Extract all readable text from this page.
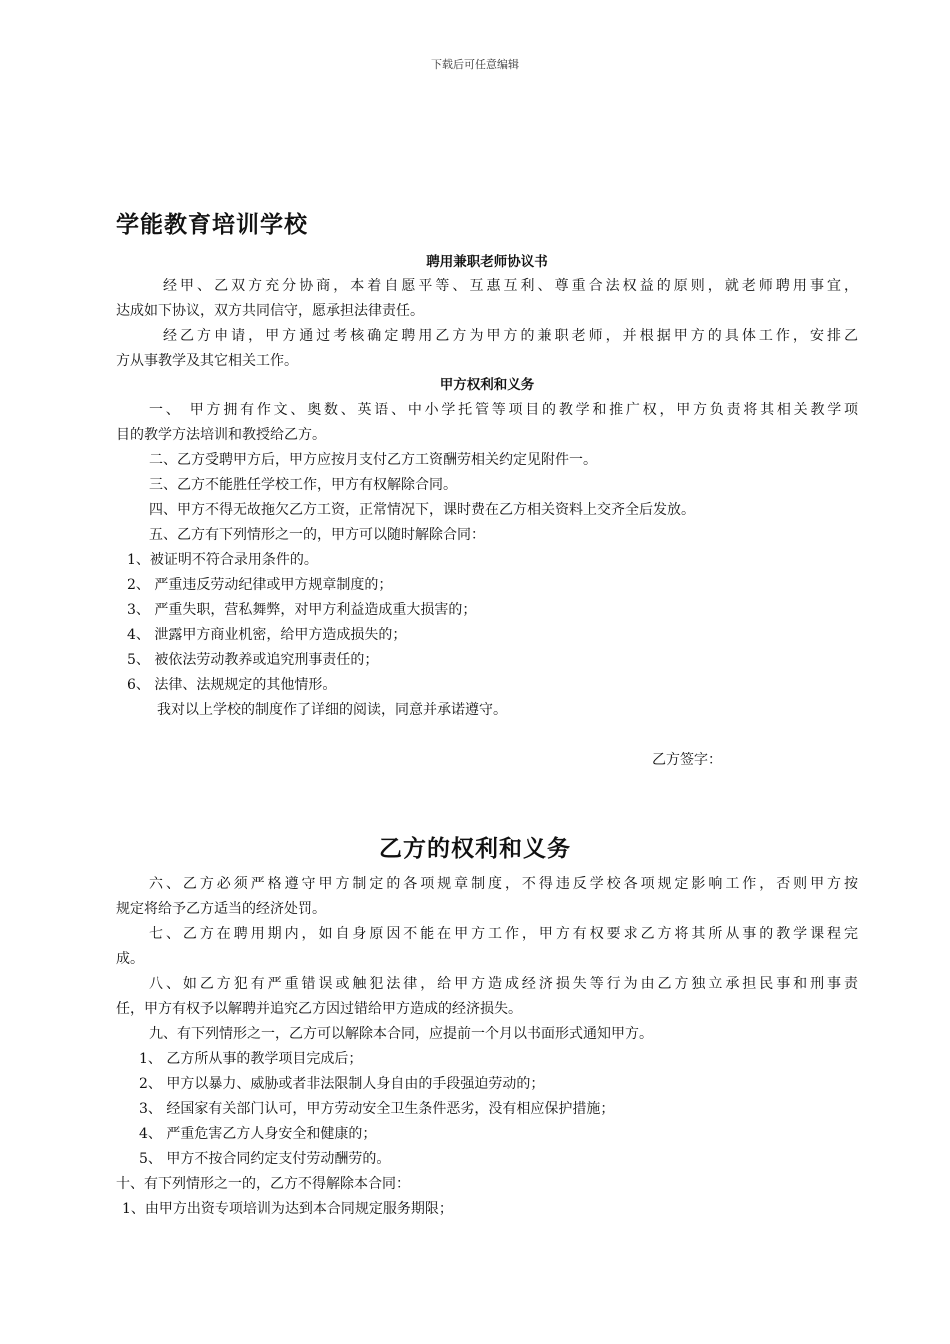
下载后可任意编辑
学能教育培训学校
聘用兼职老师协议书
经甲、乙双方充分协商，本着自愿平等、互惠互利、尊重合法权益的原则，就老师聘用事宜，
达成如下协议，双方共同信守，愿承担法律责任。
经乙方申请，甲方通过考核确定聘用乙方为甲方的兼职老师，并根据甲方的具体工作，安排乙
方从事教学及其它相关工作。
甲方权利和义务
一、 甲方拥有作文、奥数、英语、中小学托管等项目的教学和推广权，甲方负责将其相关教学项
目的教学方法培训和教授给乙方。
二、乙方受聘甲方后，甲方应按月支付乙方工资酬劳相关约定见附件一。
三、乙方不能胜任学校工作，甲方有权解除合同。
四、甲方不得无故拖欠乙方工资，正常情况下，课时费在乙方相关资料上交齐全后发放。
五、乙方有下列情形之一的，甲方可以随时解除合同：
1、被证明不符合录用条件的。
2、 严重违反劳动纪律或甲方规章制度的；
3、 严重失职，营私舞弊，对甲方利益造成重大损害的；
4、 泄露甲方商业机密，给甲方造成损失的；
5、 被依法劳动教养或追究刑事责任的；
6、 法律、法规规定的其他情形。
我对以上学校的制度作了详细的阅读，同意并承诺遵守。
乙方签字：
乙方的权利和义务
六、乙方必须严格遵守甲方制定的各项规章制度，不得违反学校各项规定影响工作，否则甲方按
规定将给予乙方适当的经济处罚。
七、乙方在聘用期内，如自身原因不能在甲方工作，甲方有权要求乙方将其所从事的教学课程完
成。
八、如乙方犯有严重错误或触犯法律，给甲方造成经济损失等行为由乙方独立承担民事和刑事责
任，甲方有权予以解聘并追究乙方因过错给甲方造成的经济损失。
九、有下列情形之一，乙方可以解除本合同，应提前一个月以书面形式通知甲方。
1、 乙方所从事的教学项目完成后；
2、 甲方以暴力、威胁或者非法限制人身自由的手段强迫劳动的；
3、 经国家有关部门认可，甲方劳动安全卫生条件恶劣，没有相应保护措施；
4、 严重危害乙方人身安全和健康的；
5、 甲方不按合同约定支付劳动酬劳的。
十、有下列情形之一的，乙方不得解除本合同：
1、由甲方出资专项培训为达到本合同规定服务期限；
